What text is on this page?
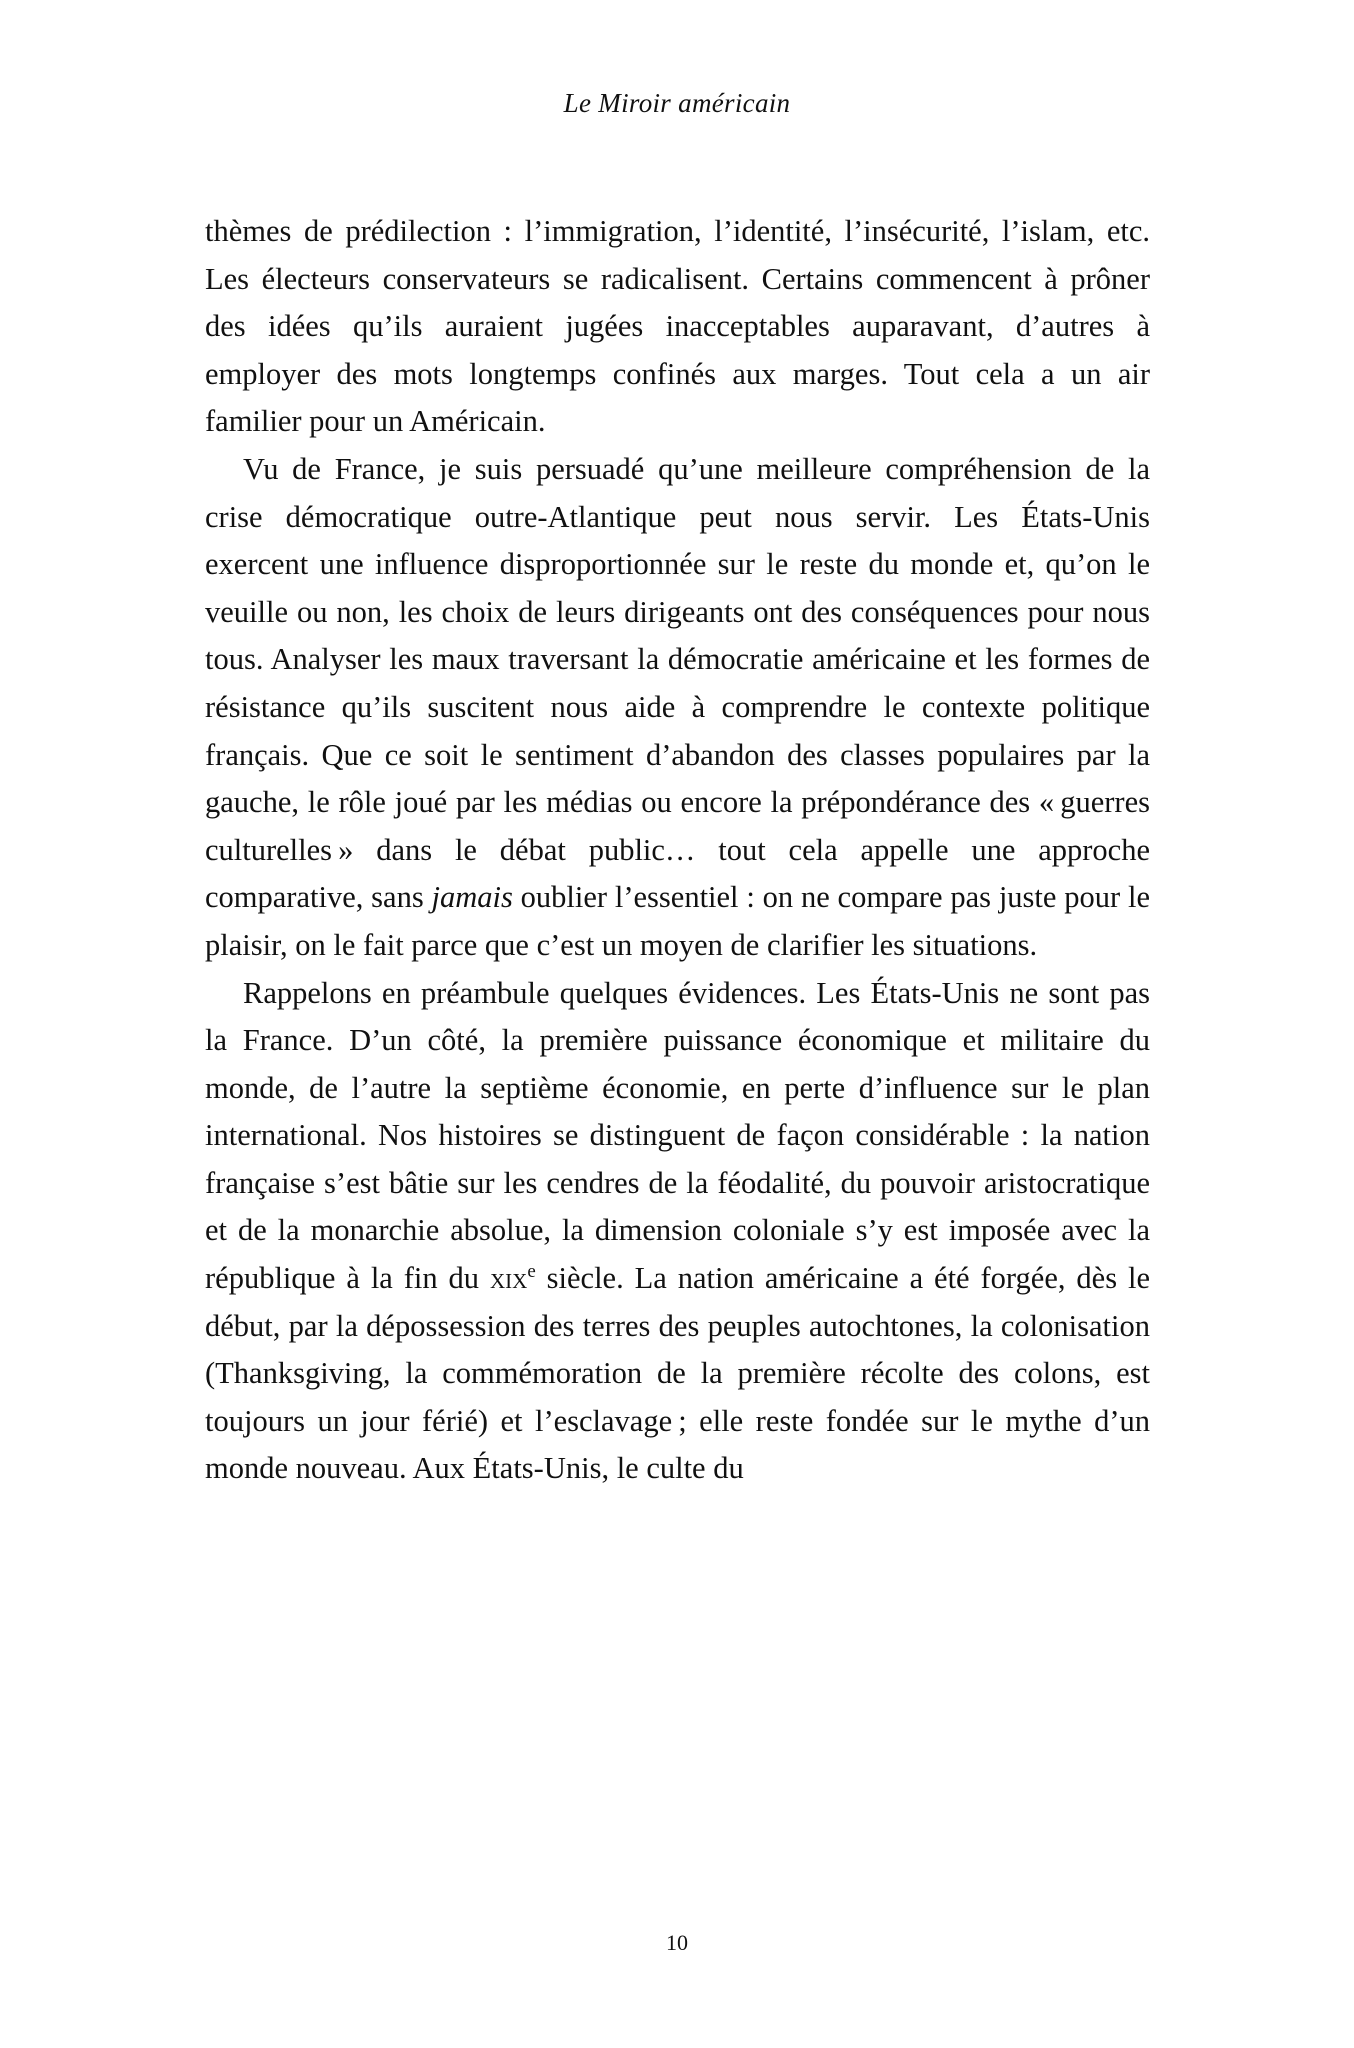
Le Miroir américain

thèmes de prédilection : l’immigration, l’identité, l’insécurité, l’islam, etc. Les électeurs conservateurs se radicalisent. Certains commencent à prôner des idées qu’ils auraient jugées inacceptables auparavant, d’autres à employer des mots longtemps confinés aux marges. Tout cela a un air familier pour un Américain.

Vu de France, je suis persuadé qu’une meilleure compréhension de la crise démocratique outre-Atlantique peut nous servir. Les États-Unis exercent une influence disproportionnée sur le reste du monde et, qu’on le veuille ou non, les choix de leurs dirigeants ont des conséquences pour nous tous. Analyser les maux traversant la démocratie américaine et les formes de résistance qu’ils suscitent nous aide à comprendre le contexte politique français. Que ce soit le sentiment d’abandon des classes populaires par la gauche, le rôle joué par les médias ou encore la prépondérance des « guerres culturelles » dans le débat public… tout cela appelle une approche comparative, sans jamais oublier l’essentiel : on ne compare pas juste pour le plaisir, on le fait parce que c’est un moyen de clarifier les situations.

Rappelons en préambule quelques évidences. Les États-Unis ne sont pas la France. D’un côté, la première puissance économique et militaire du monde, de l’autre la septième économie, en perte d’influence sur le plan international. Nos histoires se distinguent de façon considérable : la nation française s’est bâtie sur les cendres de la féodalité, du pouvoir aristocratique et de la monarchie absolue, la dimension coloniale s’y est imposée avec la république à la fin du xix$^e$ siècle. La nation américaine a été forgée, dès le début, par la dépossession des terres des peuples autochtones, la colonisation (Thanksgiving, la commémoration de la première récolte des colons, est toujours un jour férié) et l’esclavage ; elle reste fondée sur le mythe d’un monde nouveau. Aux États-Unis, le culte du

10
